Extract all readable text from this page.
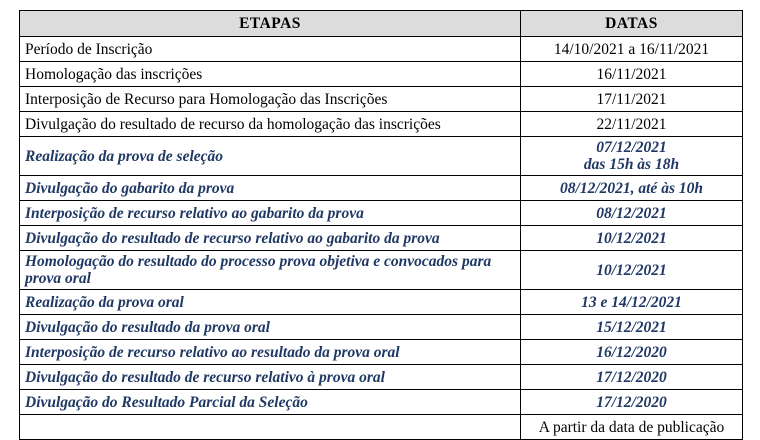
ETAPAS	DATAS
Período de Inscrição	14/10/2021 a 16/11/2021

Homologação das inscrições	16/11/2021

Interposição de Recurso para Homologação das Inscrições	17/11/2021

Divulgação do resultado de recurso da homologação das inscrições	22/11/2021

Realização da prova de seleção	07/12/2021
das 15h às 18h

Divulgação do gabarito da prova	08/12/2021, até às 10h

Interposição de recurso relativo ao gabarito da prova	08/12/2021

Divulgação do resultado de recurso relativo ao gabarito da prova	10/12/2021

Homologação do resultado do processo prova objetiva e convocados para prova oral	10/12/2021

Realização da prova oral	13 e 14/12/2021

Divulgação do resultado da prova oral	15/12/2021

Interposição de recurso relativo ao resultado da prova oral	16/12/2020

Divulgação do resultado de recurso relativo à prova oral	17/12/2020

Divulgação do Resultado Parcial da Seleção	17/12/2020

	A partir da data de publicação
